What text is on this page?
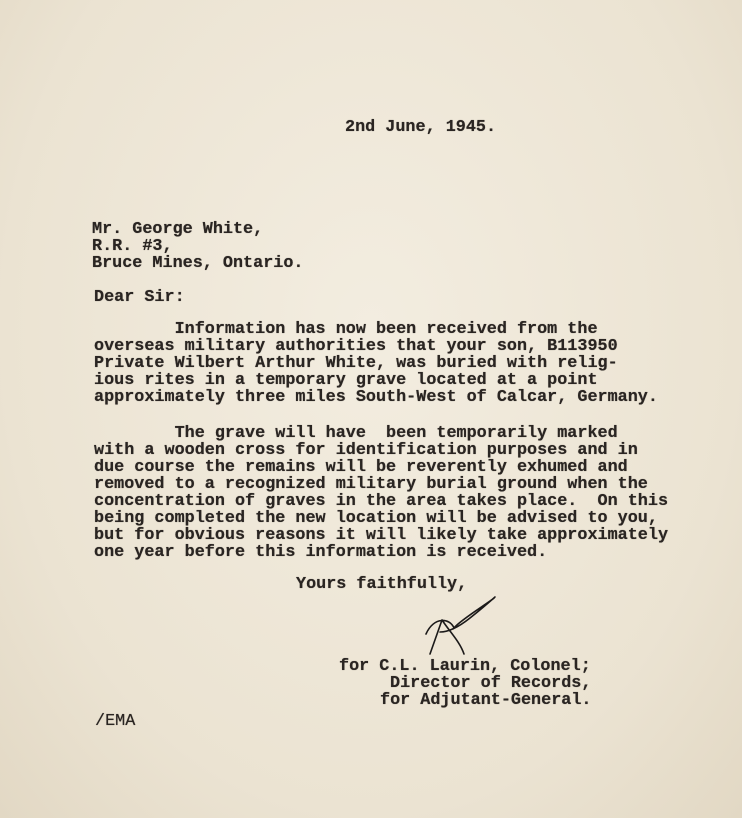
2nd June, 1945.
Mr. George White,
R.R. #3,
Bruce Mines, Ontario.
Dear Sir:
Information has now been received from the
overseas military authorities that your son, B113950
Private Wilbert Arthur White, was buried with relig-
ious rites in a temporary grave located at a point
approximately three miles South-West of Calcar, Germany.
The grave will have  been temporarily marked
with a wooden cross for identification purposes and in
due course the remains will be reverently exhumed and
removed to a recognized military burial ground when the
concentration of graves in the area takes place.  On this
being completed the new location will be advised to you,
but for obvious reasons it will likely take approximately
one year before this information is received.
Yours faithfully,
for C.L. Laurin, Colonel;
Director of Records,
for Adjutant-General.
/EMA
